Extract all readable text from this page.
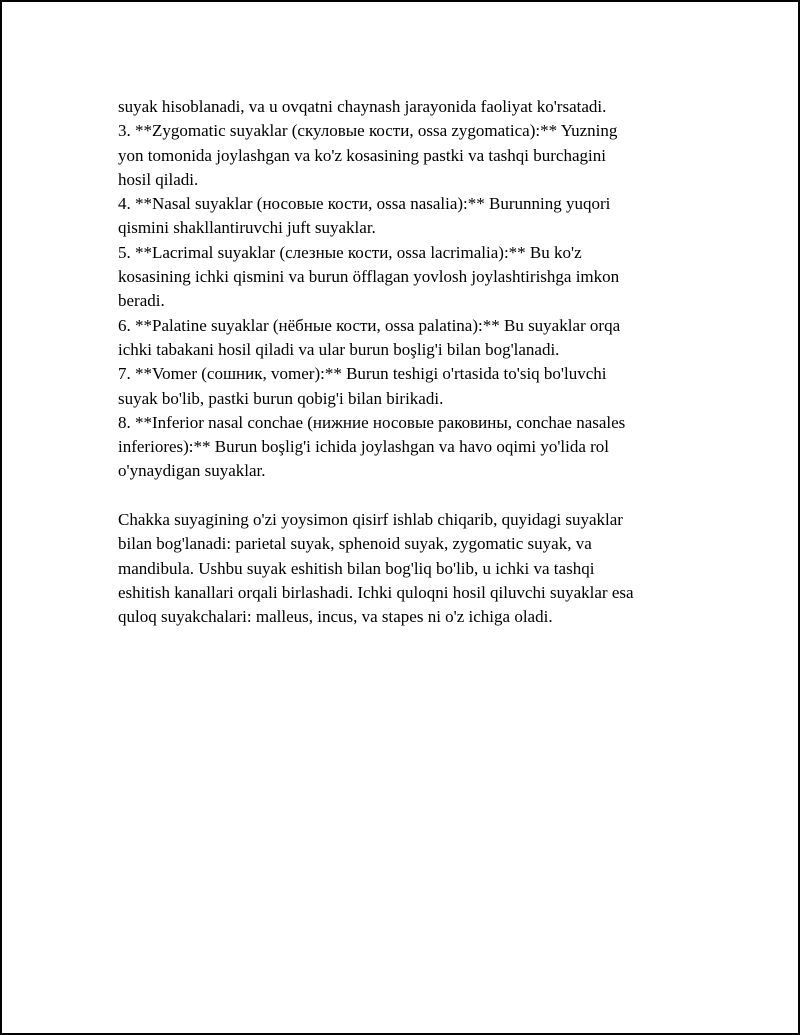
suyak hisoblanadi, va u ovqatni chaynash jarayonida faoliyat ko'rsatadi.
3. **Zygomatic suyaklar (скуловые кости, ossa zygomatica):** Yuzning
yon tomonida joylashgan va ko'z kosasining pastki va tashqi burchagini
hosil qiladi.
4. **Nasal suyaklar (носовые кости, ossa nasalia):** Burunning yuqori
qismini shakllantiruvchi juft suyaklar.
5. **Lacrimal suyaklar (слезные кости, ossa lacrimalia):** Bu ko'z
kosasining ichki qismini va burun öfflagan yovlosh joylashtirishga imkon
beradi.
6. **Palatine suyaklar (нёбные кости, ossa palatina):** Bu suyaklar orqa
ichki tabakani hosil qiladi va ular burun boşlig'i bilan bog'lanadi.
7. **Vomer (сошник, vomer):** Burun teshigi o'rtasida to'siq bo'luvchi
suyak bo'lib, pastki burun qobig'i bilan birikadi.
8. **Inferior nasal conchae (нижние носовые раковины, conchae nasales
inferiores):** Burun boşlig'i ichida joylashgan va havo oqimi yo'lida rol
o'ynaydigan suyaklar.
Chakka suyagining o'zi yoysimon qisirf ishlab chiqarib, quyidagi suyaklar
bilan bog'lanadi: parietal suyak, sphenoid suyak, zygomatic suyak, va
mandibula. Ushbu suyak eshitish bilan bog'liq bo'lib, u ichki va tashqi
eshitish kanallari orqali birlashadi. Ichki quloqni hosil qiluvchi suyaklar esa
quloq suyakchalari: malleus, incus, va stapes ni o'z ichiga oladi.
